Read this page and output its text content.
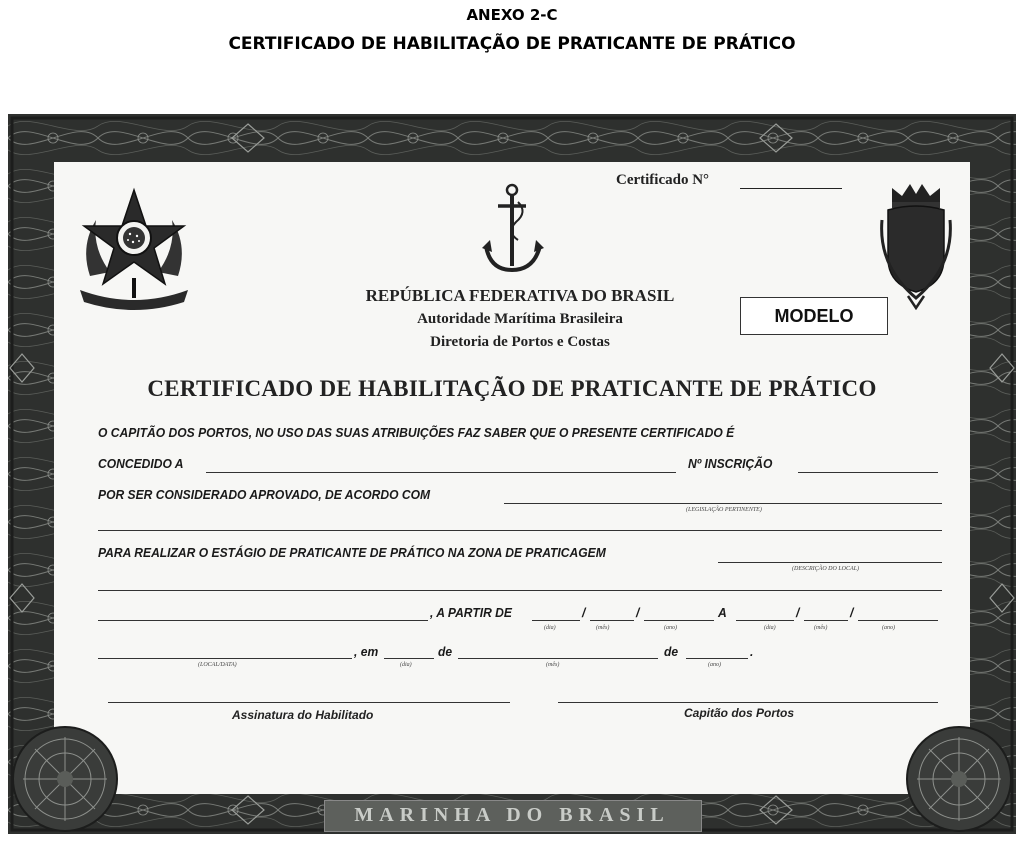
ANEXO 2-C
CERTIFICADO DE HABILITAÇÃO DE PRATICANTE DE PRÁTICO
MARINHA DO BRASIL
Certificado N°
REPÚBLICA FEDERATIVA DO BRASIL
Autoridade Marítima Brasileira
Diretoria de Portos e Costas
MODELO
CERTIFICADO DE HABILITAÇÃO DE PRATICANTE DE PRÁTICO
O CAPITÃO DOS PORTOS, NO USO DAS SUAS ATRIBUIÇÕES FAZ SABER QUE O PRESENTE CERTIFICADO É
CONCEDIDO A	Nº INSCRIÇÃO
POR SER CONSIDERADO APROVADO, DE ACORDO COM
(LEGISLAÇÃO PERTINENTE)
PARA REALIZAR O ESTÁGIO DE PRATICANTE DE PRÁTICO NA ZONA DE PRATICAGEM
(DESCRIÇÃO DO LOCAL)
, A PARTIR DE	/	/	A	/	/
(dia)	(mês)	(ano)	(dia)	(mês)	(ano)
(LOCAL/DATA)
, em
(dia)
de
(mês)
de
(ano)
.
Assinatura do Habilitado	Capitão dos Portos
